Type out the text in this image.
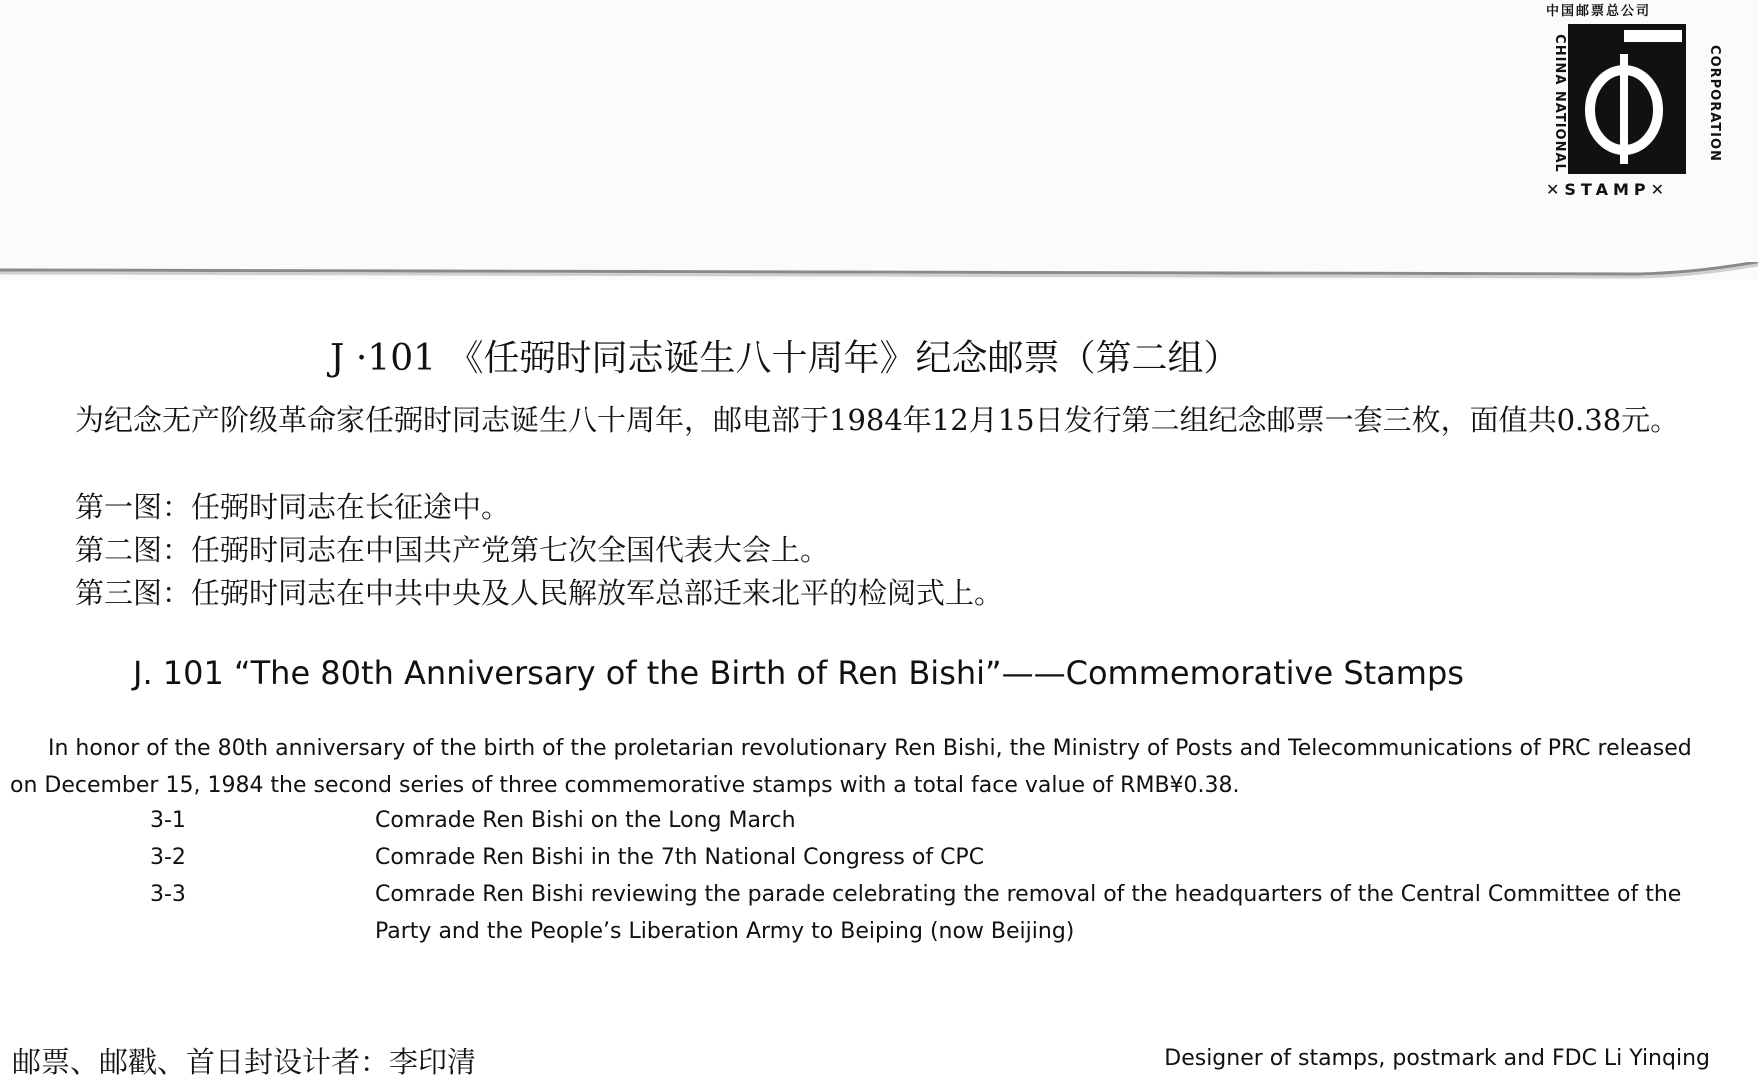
中国邮票总公司
CHINA NATIONAL	CORPORATION
✕STAMP✕
J ·101 《任弼时同志诞生八十周年》纪念邮票（第二组）
为纪念无产阶级革命家任弼时同志诞生八十周年，邮电部于1984年12月15日发行第二组纪念邮票一套三枚，面值共0.38元。
第一图：任弼时同志在长征途中。
第二图：任弼时同志在中国共产党第七次全国代表大会上。
第三图：任弼时同志在中共中央及人民解放军总部迁来北平的检阅式上。
J. 101 “The 80th Anniversary of the Birth of Ren Bishi”——Commemorative Stamps
In honor of the 80th anniversary of the birth of the proletarian revolutionary Ren Bishi, the Ministry of Posts and Telecommunications of PRC released on December 15, 1984 the second series of three commemorative stamps with a total face value of RMB¥0.38.
3-1	Comrade Ren Bishi on the Long March
3-2	Comrade Ren Bishi in the 7th National Congress of CPC
3-3	Comrade Ren Bishi reviewing the parade celebrating the removal of the headquarters of the Central Committee of the Party and the People’s Liberation Army to Beiping (now Beijing)
邮票、邮戳、首日封设计者：李印清	Designer of stamps, postmark and FDC Li Yinqing
